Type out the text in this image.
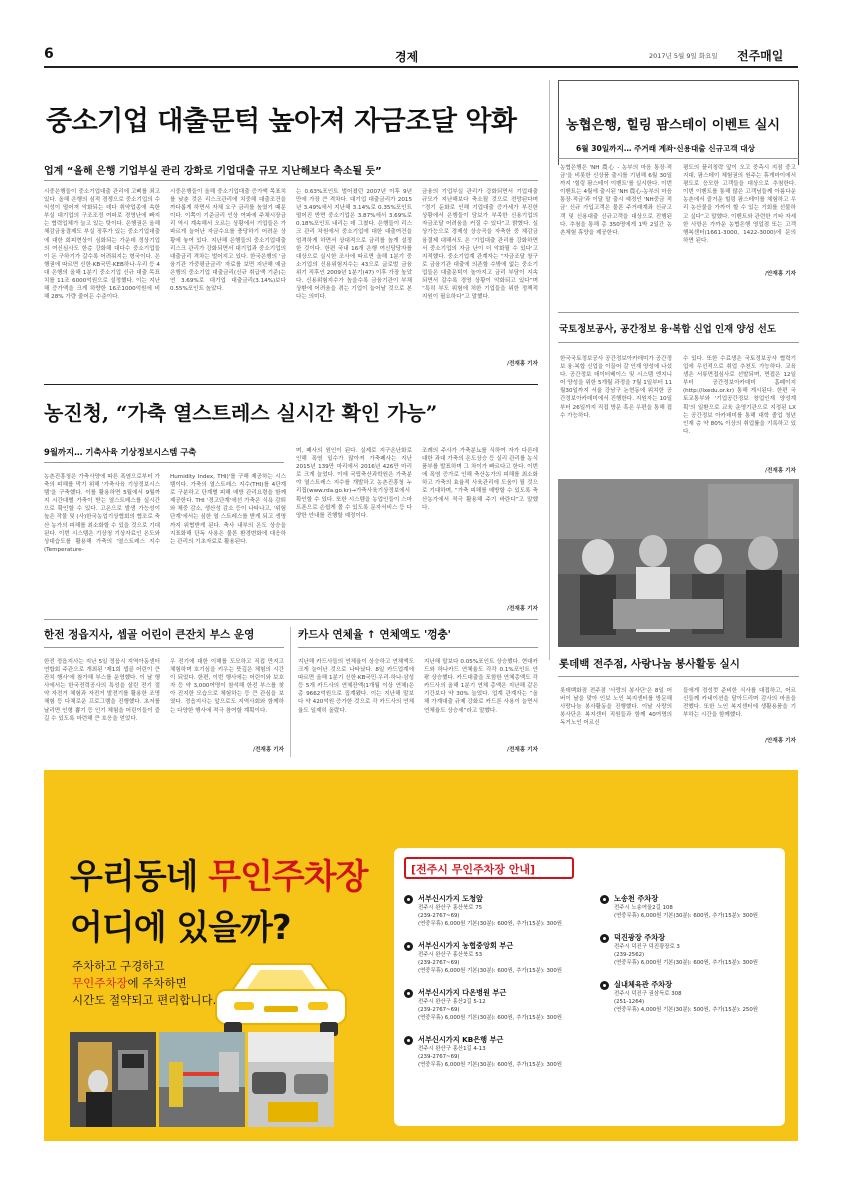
6	경제	2017년 5월 9일 화요일 전주매일
중소기업 대출문턱 높아져 자금조달 악화
업계 “올해 은행 기업부실 관리 강화로 기업대출 규모 지난해보다 축소될 듯”
시중은행들이 중소기업대출 관리에 고삐를 죄고 있다. 올해 은행의 심적 경쟁으로 중소기업의 수익성이 떨어져 악화되는 데다 취약업종에 속한 부실 대기업의 구조조정 여파로 경영난에 빠지는 협력업체가 늘고 있는 탓이다. 은행권은 올해 체감금융결제도 부실 징후가 있는 중소기업대출에 대한 회피현상이 심화되는 가운데 정상기업의 여신심사도 한층 강화해 대다수 중소기업들이 돈 구하기가 갈수록 어려워지는 형국이다. 은행권에 따르면 신한·KB국민·KEB하나·우리 등 4대 은행의 올해 1분기 중소기업 신규 대출 목표치를 11조 6000억원으로 설정했다. 이는 지난해 증가액을 크게 하향한 16조1000억원에 비해 28% 가량 줄어든 수준이다.
시중은행들이 올해 중소기업대출 증가액 목표치를 낮춘 것은 리스크관리에 치중해 대출조건을 까다롭게 하면서 자체 요구 금리를 높였기 때문이다. 이쪽이 기준금리 인상 여파에 주채시장금리 역시 계속해서 오르는 상황에서 기업들은 가파르게 늘어난 자금수요를 충당하기 어려운 상황에 놓여 있다. 지난해 은행들의 중소기업대출 리스크 관리가 강화되면서 대기업과 중소기업의 대출금리 격차는 벌어지고 있다. 한국은행의 '금융기관 가중평균금리' 자료를 보면 지난해 예금은행의 중소기업 대출금리(신규 취급액 기준)는 연 3.69%로 대기업 대출금리(3.14%)보다 0.55%포인트 높았다.
는 0.63%포인트 벌어졌던 2007년 이후 9년 만에 가장 큰 격차다. 대기업 대출금리가 2015년 3.49%에서 지난해 3.14%로 0.35%포인트 떨어진 반면 중소기업은 3.87%에서 3.69%로 0.18%포인트 내리는 데 그쳤다. 은행들이 리스크 관리 차원에서 중소기업에 대한 대출여건을 엄격하게 하면서 상대적으로 금리를 높게 설정한 것이다. 한편 국내 16개 은행 여신담당자를 대상으로 실시한 조사에 따르면 올해 1분기 중소기업의 신용위험지수는 43으로 글로벌 금융위기 직후인 2009년 1분기(47) 이후 가장 높았다. 신용위험지수가 높을수록 금융기관이 부채 상환에 어려움을 겪는 기업이 늘어날 것으로 본다는 의미다.
금융의 기업부실 관리가 강화되면서 기업대출 규모가 지난해보다 축소될 것으로 전망된다며 “경기 둔화로 인해 기업대출 증가세가 부진한 상황에서 은행들이 담보가 부족한 신용기업의 자금조달 어려움을 커질 수 있다”고 밝혔다. 실상가능으로 경제성 상승곡을 자축한 중 체감금융결제 대해서도 은 '기업대출 관리를 강화하면서 중소기업의 자금 난이 더 악화될 수 있다'고 지적했다. 중소기업계 관계자는 “자금조달 창구로 금융기관 대출에 의존할 수밖에 없는 중소기업들은 대출문턱이 높아지고 금리 부담이 지속되면서 갈수록 경영 상황이 악화되고 있다”며 “특히 부도 위험에 처한 기업들을 위한 정책적 지원이 필요하다”고 말했다.
/전재홍 기자
농협은행, 힐링 팜스테이 이벤트 실시
6월 30일까지… 주거래 계좌·신용대출 신규고객 대상
농협은행은 'NH 農心 - 농부의 마음 통장·적금'을 비롯한 신상품 출시를 기념해 6월 30일까지 '힐링 팜스테이 이벤트'를 실시한다. 이번 이벤트는 4월에 출시된 'NH 農心-농부의 마음 통장·적금'과 이달 말 출시 예정인 'NH중금 적금' 신규 가입고객은 물론 주거래계좌 신규고객 및 신용대출 신규고객을 대상으로 진행된다. 추첨을 통해 총 350명에게 1박 2일간 농촌체험 휴양을 제공한다.
평도의 플리칭락 앞이 오고 중측시 지점 중고지대, 팜스테이 체험권의 원주는 휴게마이에서 평도로 응모한 고객들을 대상으로 추첨한다. 이번 이벤트를 통해 많은 고객님들께 아름다운 농촌에서 즐거운 힐링 팜스테이를 체험하고 우리 농산물을 가까이 할 수 있는 기회를 선물하고 싶다”고 말했다. 이벤트와 관련한 기타 자세한 사항은 가까운 농협은행 영업점 또는 고객행복센터(1661-3000, 1422-3000)에 문의하면 된다.
/안재홍 기자
국토정보공사, 공간정보 융·복합 신업 인재 양성 선도
한국국토정보공사 공간정보아카데미가 공간정보 융·복합 신업을 이끌어 갈 인재 양성에 나섰다. 공간정보 데이터베이스 및 시스템 엔지니어 양성을 위한 5개월 과정을 7월 1일부터 11월30일까지 서울 강남구 논현동에 위치한 공간정보아카데미에서 진행한다. 지원자는 10일부터 26일까지 직접 방문 혹은 우편을 통해 접수 가능하다.
수 있다. 또한 수료생은 국토정보공사 협력기업에 우선적으로 취업 추천도 가능하다. 교육생은 서류면접심사로 선발되며, 면접은 12일부터 공간정보아카데미 홈페이지(http://lxedu.or.kr) 통해 게시된다. 한편 국토교통부와 '기업공간정보 창업인재 양성계획'의 일환으로 교육 운영기관으로 지정된 LX는 공간정보 아카데미를 통해 대학 졸업 청년 인재 층 약 80% 이상의 취업률을 기록하고 있다.
/전재홍 기자
롯데백 전주점, 사랑나눔 봉사활동 실시
롯데백화점 전주점 '사랑의 봉사단'은 8일 어버이 날을 맞아 인보 노인 복지센터를 방문해 사랑나눔 봉사활동을 진행했다. 이날 사랑의 봉사단은 복지센터 직원들과 함께 40여명의 독거노인 어르신
들에게 정성껏 준비한 식사를 대접하고, 어르신들께 카네이션을 달아드리며 감사의 마음을 전했다. 또한 노인 복지센터에 생활용품을 기부하는 시간을 함께했다.
/안재홍 기자
농진청, “가축 열스트레스 실시간 확인 가능”
9월까지… 기축사육 기상정보시스템 구축
농촌진흥청은 가축사양에 따른 폭염으로부터 가축의 피해를 막기 위해 '가축사육 기상정보시스템'을 구축했다. 이를 활용하면 5월에서 9월까지 시간대별 가축이 받는 열스트레스를 실시간으로 확인할 수 있다. 고온으로 발생 가능성이 높은 작물 및 (사)한국농업기상협회의 협조로 축산 농가의 피해를 최소화할 수 있을 것으로 기대된다. 이번 시스템은 기상청 기상자료인 온도와 상대습도를 활용해 가축의 '열스트레스 지수(Temperature-
Humidity Index, THI)'를 구해 제공하는 시스템이다. 가축의 열스트레스 지수(THI)를 4단계로 구분하고 단계별 피해 예방 관리요령을 함께 제공한다. THI '경고단계'에선 가축은 식욕 감퇴와 체중 감소, 생산성 감소 등이 나타나고, '위험단계'에서는 심한 열 스트레스를 받게 되고 생명까지 위협받게 된다. 축사 내부의 온도 상승을 지표화해 단독 사용은 물론 환경변화에 대응하는 관리의 기초자료로 활용된다.
며, 폐사의 원인이 된다. 실제로 지구온난화로 인해 폭염 일수가 많아져 가축폐사는 지난 2015년 139만 마리에서 2016년 426만 마리로 크게 늘었다. 이에 국립축산과학원은 가축분야 열스트레스 지수를 개발하고 농촌진흥청 누리집(www.rda.go.kr)→가축사육기상정보에서 확인할 수 있다. 또한 시스템을 농업인들이 스마트폰으로 손쉽게 볼 수 있도록 문자서비스 등 다양한 안내를 진행할 예정이다.
조례의 주사가 가축분뇨를 식하여 자가 다른데 대한 과대 가축의 온도상승 등 실리 관리를 농식품부를 발표하며 그 차이가 빠르다고 한다. 이번에 폭염 증가로 인해 축산농가의 피해를 최소화하고 가축의 효율적 사육관리에 도움이 될 것으로 기대하며, “가축 피해를 예방할 수 있도록 축산농가에서 적극 활용해 주기 바란다”고 말했다.
/전재홍 기자
한전 정읍지사, 셉골 어린이 큰잔치 부스 운영
한전 정읍지사는 지난 5일 정읍시 지역아동센터 연합회 주관으로 개최된 '제1회 셉골 어린이 큰잔치 행사'에 참가해 부스를 운영했다. 이 날 행사에서는 한국전력공사의 특성을 살린 전기 절약 자전거 체험과 자전거 발전기를 활용한 조명 체험 등 다채로운 프로그램을 진행했다. 초저를 날리면 인형 뽑기 등 인기 체험을 어린이들이 즐길 수 있도록 마련해 큰 호응을 얻었다.
우 전기에 대한 이해를 도모하고 직접 만지고 체험하며 호기심을 키우는 뜻깊은 체험의 시간이 되었다. 한편, 이번 행사에는 어린이와 보호자 등 약 3,000여명이 참석해 한전 부스를 찾아 진지한 모습으로 체험하는 등 큰 관심을 보였다. 정읍지사는 앞으로도 지역사회와 함께하는 다양한 행사에 적극 참여할 계획이다.
/전재홍 기자
카드사 연체율 ↑ 연체액도 '껑충'
지난해 카드사들의 연체율이 상승하고 연체액도 크게 늘어난 것으로 나타났다. 8일 카드업계에 따르면 올해 1분기 신한·KB국민·우리·하나·삼성 등 5개 카드사의 연체잔액(1개월 이상 연체)은 총 9662억원으로 집계됐다. 이는 지난해 말보다 약 420억원 증가한 것으로 각 카드사의 연체율도 일제히 올랐다.
지난해 말보다 0.05%포인트 상승했다. 현대카드와 하나카드 연체율도 각각 0.1%포인트 안팎 상승했다. 카드대출을 포함한 연체총액도 각 카드사의 올해 1분기 연체 총액은 지난해 같은 기간보다 약 30% 늘었다. 업계 관계자는 “올해 가계대출 규제 강화로 카드론 사용이 늘면서 연체율도 상승세”라고 말했다.
/전재홍 기자
우리동네 무인주차장
어디에 있을까?
주차하고 구경하고
무인주차장에 주차하면
시간도 절약되고 편리합니다.
[전주시 무인주차장 안내]
서부신시가지 도청앞
전주시 완산구 홍산북로 75
(239-2767~69)
(연중무휴) 6,000원 기본(30분): 600원, 추가(15분): 300원
서부신시가지 농협중앙회 부근
전주시 완산구 홍산북로 53
(239-2767~69)
(연중무휴) 6,000원 기본(30분): 600원, 추가(15분): 300원
서부신시가지 다온병원 부근
전주시 완산구 홍산2길 5-12
(239-2767~69)
(연중무휴) 6,000원 기본(30분): 600원, 추가(15분): 300원
서부신시가지 KB은행 부근
전주시 완산구 홍산1길 4-13
(239-2767~69)
(연중무휴) 6,000원 기본(30분): 600원, 추가(15분): 300원
노송천 주차장
전주시 노송여울2길 108
(연중무휴) 6,000원 기본(30분): 600원, 추가(15분): 300원
덕진광장 주차장
전주시 덕진구 덕진광장로 3
(239-2562)
(연중무휴) 6,000원 기본(30분): 600원, 추가(15분): 300원
실내체육관 주차장
전주시 덕진구 권삼득로 308
(251-1264)
(연중무휴) 4,000원 기본(30분): 500원, 추가(15분): 250원
